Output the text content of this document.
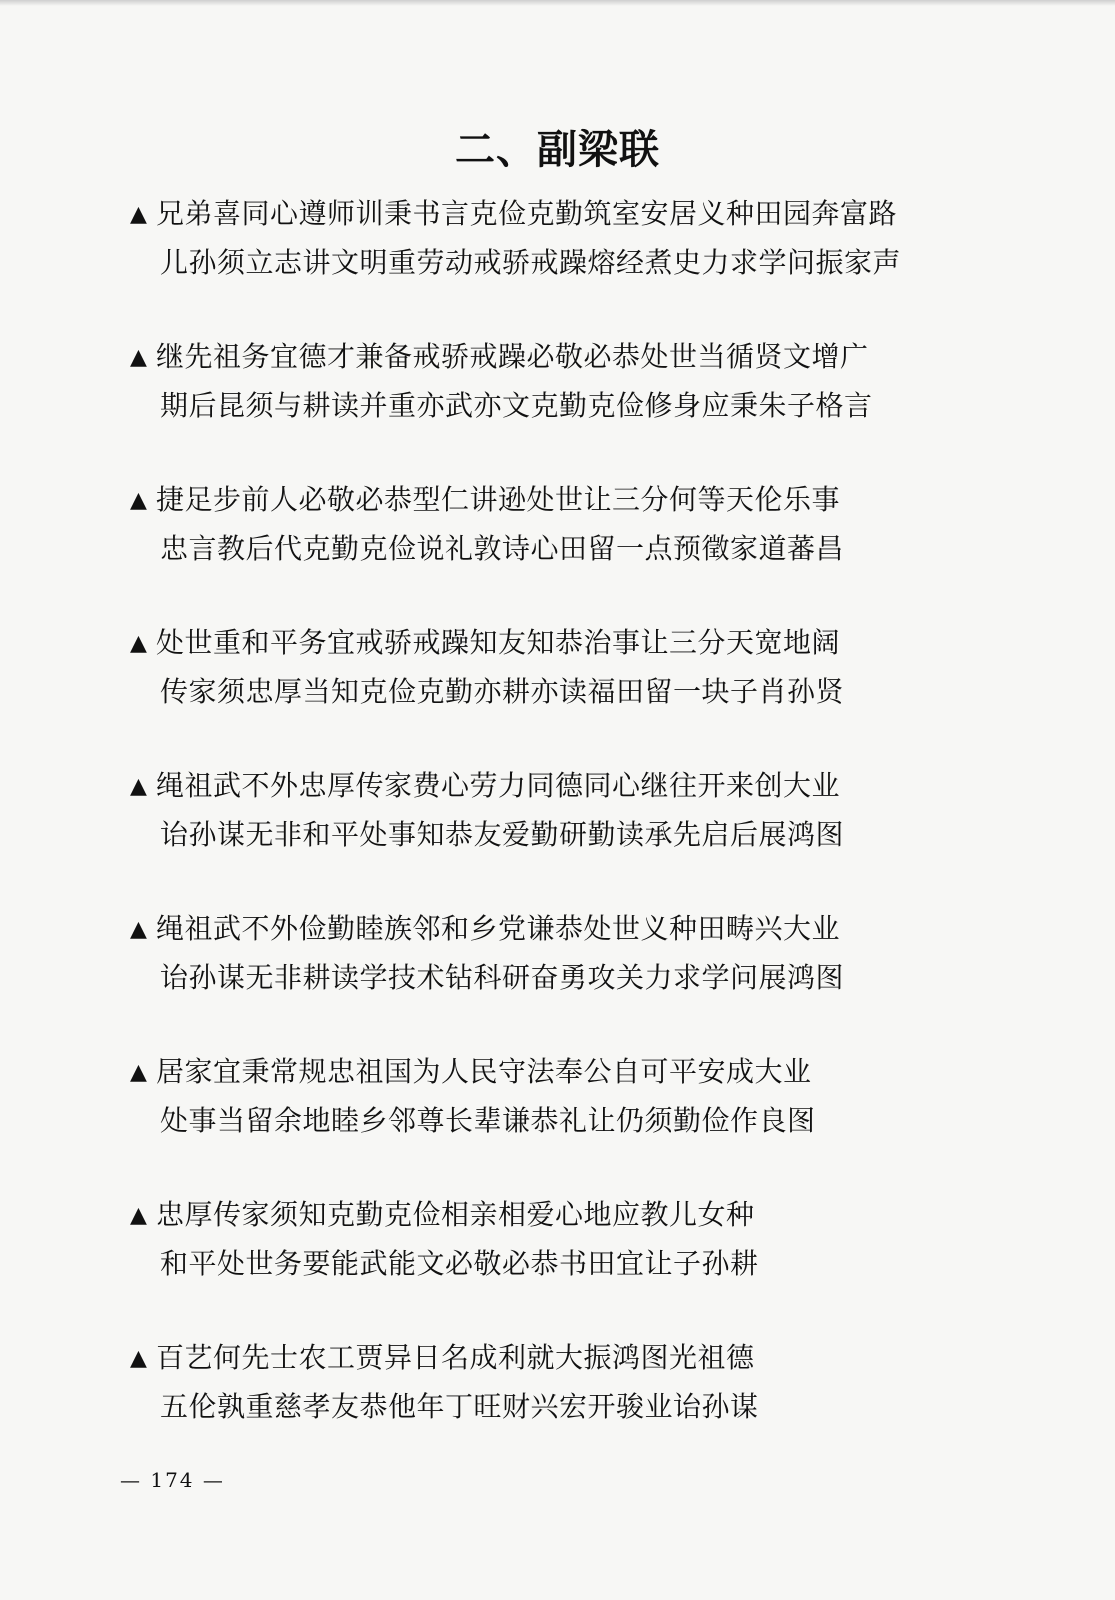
二、副梁联
▲ 兄弟喜同心遵师训秉书言克俭克勤筑室安居义种田园奔富路
儿孙须立志讲文明重劳动戒骄戒躁熔经煮史力求学问振家声
▲ 继先祖务宜德才兼备戒骄戒躁必敬必恭处世当循贤文增广
期后昆须与耕读并重亦武亦文克勤克俭修身应秉朱子格言
▲ 捷足步前人必敬必恭型仁讲逊处世让三分何等天伦乐事
忠言教后代克勤克俭说礼敦诗心田留一点预徵家道蕃昌
▲ 处世重和平务宜戒骄戒躁知友知恭治事让三分天宽地阔
传家须忠厚当知克俭克勤亦耕亦读福田留一块子肖孙贤
▲ 绳祖武不外忠厚传家费心劳力同德同心继往开来创大业
诒孙谋无非和平处事知恭友爱勤研勤读承先启后展鸿图
▲ 绳祖武不外俭勤睦族邻和乡党谦恭处世义种田畴兴大业
诒孙谋无非耕读学技术钻科研奋勇攻关力求学问展鸿图
▲ 居家宜秉常规忠祖国为人民守法奉公自可平安成大业
处事当留余地睦乡邻尊长辈谦恭礼让仍须勤俭作良图
▲ 忠厚传家须知克勤克俭相亲相爱心地应教儿女种
和平处世务要能武能文必敬必恭书田宜让子孙耕
▲ 百艺何先士农工贾异日名成利就大振鸿图光祖德
五伦孰重慈孝友恭他年丁旺财兴宏开骏业诒孙谋
— 174 —
